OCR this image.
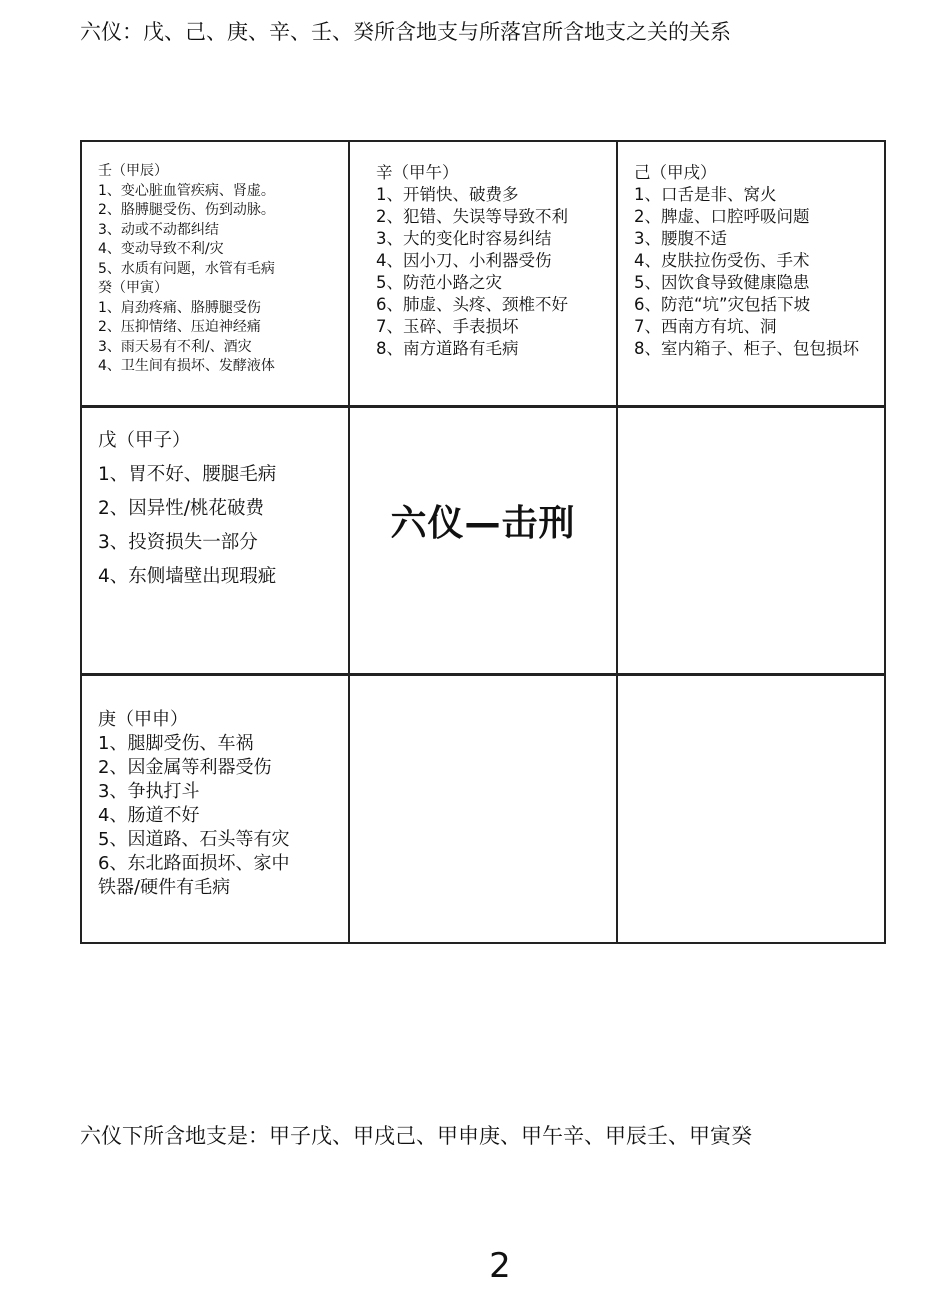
六仪：戊、己、庚、辛、壬、癸所含地支与所落宫所含地支之关的关系
壬（甲辰）
1、变心脏血管疾病、肾虚。
2、胳膊腿受伤、伤到动脉。
3、动或不动都纠结
4、变动导致不利/灾
5、水质有问题，水管有毛病
癸（甲寅）
1、肩劲疼痛、胳膊腿受伤
2、压抑情绪、压迫神经痛
3、雨天易有不利/、酒灾
4、卫生间有损坏、发酵液体
辛（甲午）
1、开销快、破费多
2、犯错、失误等导致不利
3、大的变化时容易纠结
4、因小刀、小利器受伤
5、防范小路之灾
6、肺虚、头疼、颈椎不好
7、玉碎、手表损坏
8、南方道路有毛病
己（甲戌）
1、口舌是非、窝火
2、脾虚、口腔呼吸问题
3、腰腹不适
4、皮肤拉伤受伤、手术
5、因饮食导致健康隐患
6、防范“坑”灾包括下坡
7、西南方有坑、洞
8、室内箱子、柜子、包包损坏
戊（甲子）
1、胃不好、腰腿毛病
2、因异性/桃花破费
3、投资损失一部分
4、东侧墙壁出现瑕疵
六仪—击刑
庚（甲申）
1、腿脚受伤、车祸
2、因金属等利器受伤
3、争执打斗
4、肠道不好
5、因道路、石头等有灾
6、东北路面损坏、家中
铁器/硬件有毛病

六仪下所含地支是：甲子戊、甲戌己、甲申庚、甲午辛、甲辰壬、甲寅癸

2
